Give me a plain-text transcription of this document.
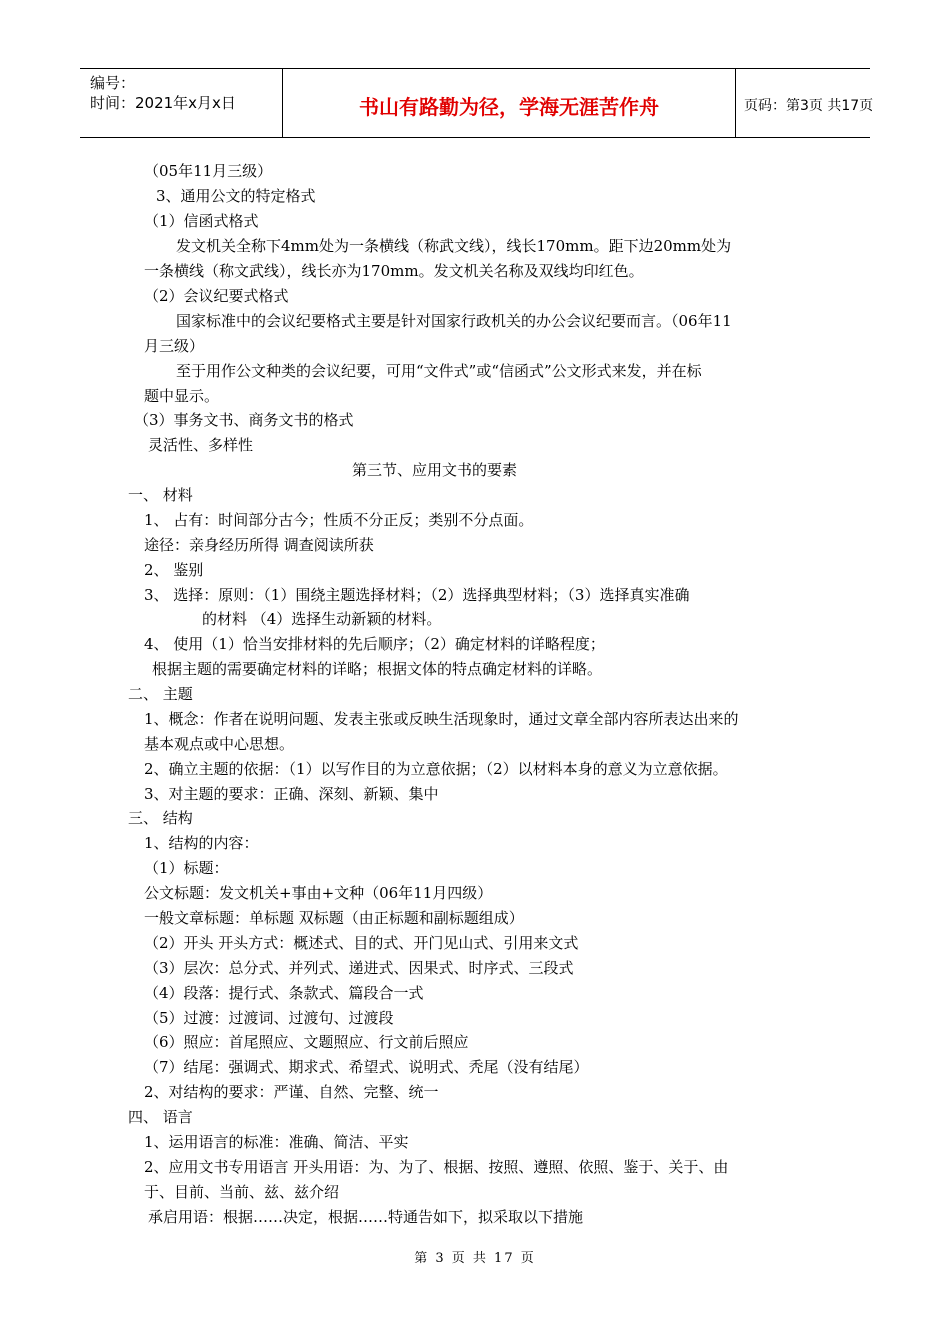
编号：
时间：2021年x月x日	书山有路勤为径，学海无涯苦作舟	页码：第3页 共17页
（05年11月三级）
3、通用公文的特定格式
（1）信函式格式
发文机关全称下4mm处为一条横线（称武文线），线长170mm。距下边20mm处为
一条横线（称文武线），线长亦为170mm。发文机关名称及双线均印红色。
（2）会议纪要式格式
国家标准中的会议纪要格式主要是针对国家行政机关的办公会议纪要而言。（06年11
月三级）
至于用作公文种类的会议纪要，可用“文件式”或“信函式”公文形式来发，并在标
题中显示。
（3）事务文书、商务文书的格式
灵活性、多样性
第三节、应用文书的要素
一、 材料
1、 占有：时间部分古今；性质不分正反；类别不分点面。
途径：亲身经历所得 调查阅读所获
2、 鉴别
3、 选择：原则：（1）围绕主题选择材料；（2）选择典型材料；（3）选择真实准确
的材料 （4）选择生动新颖的材料。
4、 使用（1）恰当安排材料的先后顺序；（2）确定材料的详略程度；
根据主题的需要确定材料的详略；根据文体的特点确定材料的详略。
二、 主题
1、概念：作者在说明问题、发表主张或反映生活现象时，通过文章全部内容所表达出来的
基本观点或中心思想。
2、确立主题的依据：（1）以写作目的为立意依据；（2）以材料本身的意义为立意依据。
3、对主题的要求：正确、深刻、新颖、集中
三、 结构
1、结构的内容：
（1）标题：
公文标题：发文机关+事由+文种（06年11月四级）
一般文章标题：单标题 双标题（由正标题和副标题组成）
（2）开头 开头方式：概述式、目的式、开门见山式、引用来文式
（3）层次：总分式、并列式、递进式、因果式、时序式、三段式
（4）段落：提行式、条款式、篇段合一式
（5）过渡：过渡词、过渡句、过渡段
（6）照应：首尾照应、文题照应、行文前后照应
（7）结尾：强调式、期求式、希望式、说明式、秃尾（没有结尾）
2、对结构的要求：严谨、自然、完整、统一
四、 语言
1、运用语言的标准：准确、简洁、平实
2、应用文书专用语言 开头用语：为、为了、根据、按照、遵照、依照、鉴于、关于、由
于、目前、当前、兹、兹介绍
承启用语：根据……决定，根据……特通告如下，拟采取以下措施
第 3 页 共 17 页
